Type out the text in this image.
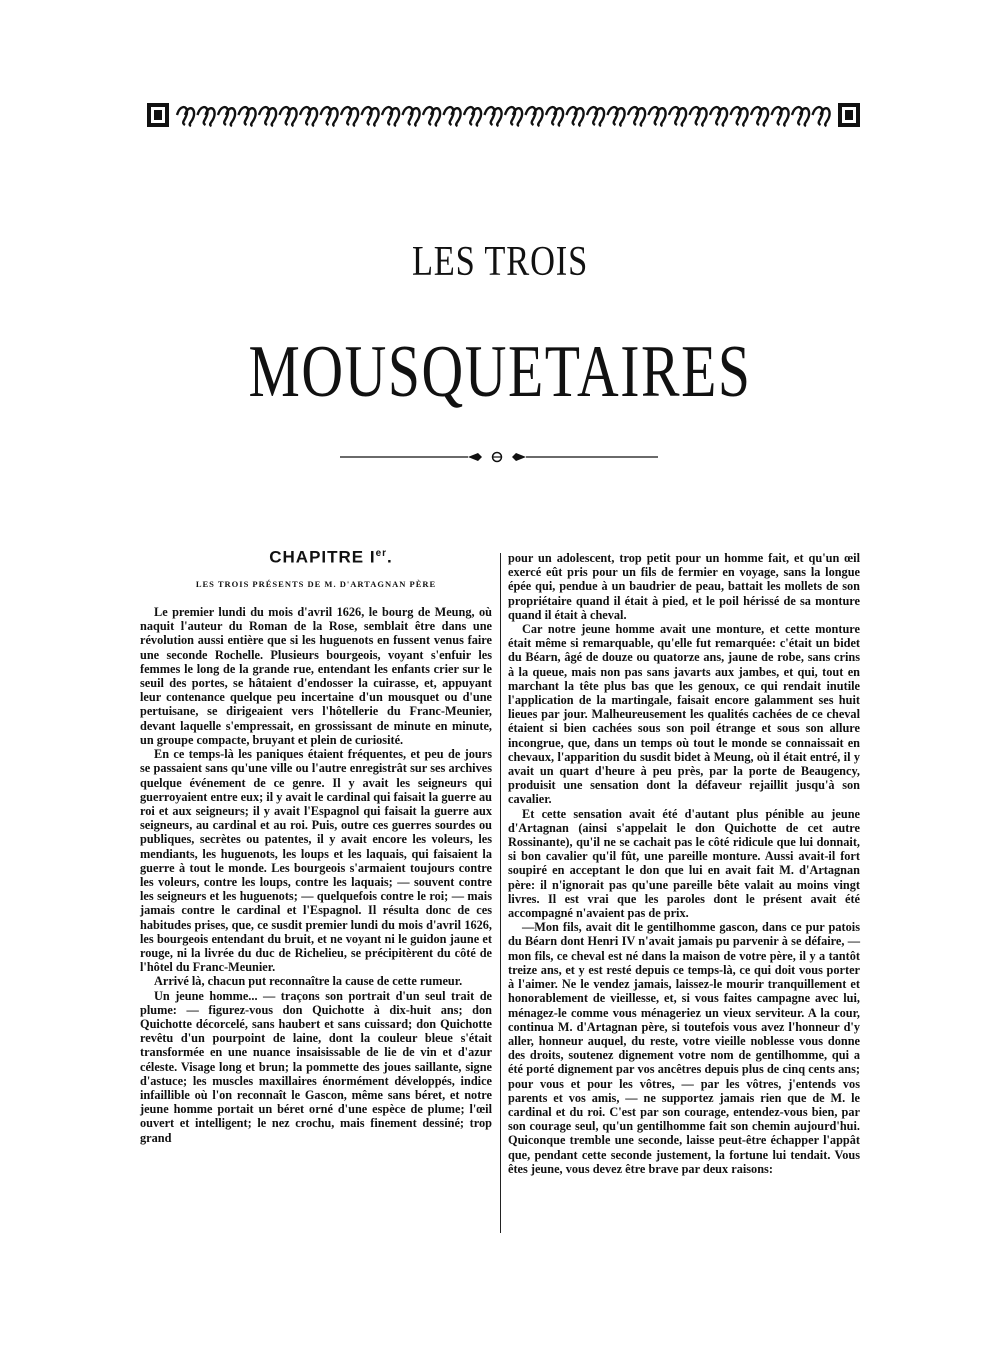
LES TROIS
MOUSQUETAIRES
CHAPITRE Ier.
LES TROIS PRÉSENTS DE M. D'ARTAGNAN PÈRE

Le premier lundi du mois d'avril 1626, le bourg de Meung, où naquit l'auteur du Roman de la Rose, semblait être dans une révolution aussi entière que si les huguenots en fussent venus faire une seconde Rochelle. Plusieurs bourgeois, voyant s'enfuir les femmes le long de la grande rue, entendant les enfants crier sur le seuil des portes, se hâtaient d'endosser la cuirasse, et, appuyant leur contenance quelque peu incertaine d'un mousquet ou d'une pertuisane, se dirigeaient vers l'hôtellerie du Franc-Meunier, devant laquelle s'empressait, en grossissant de minute en minute, un groupe compacte, bruyant et plein de curiosité.

En ce temps-là les paniques étaient fréquentes, et peu de jours se passaient sans qu'une ville ou l'autre enregistrât sur ses archives quelque événement de ce genre. Il y avait les seigneurs qui guerroyaient entre eux; il y avait le cardinal qui faisait la guerre au roi et aux seigneurs; il y avait l'Espagnol qui faisait la guerre aux seigneurs, au cardinal et au roi. Puis, outre ces guerres sourdes ou publiques, secrètes ou patentes, il y avait encore les voleurs, les mendiants, les huguenots, les loups et les laquais, qui faisaient la guerre à tout le monde. Les bourgeois s'armaient toujours contre les voleurs, contre les loups, contre les laquais; — souvent contre les seigneurs et les huguenots; — quelquefois contre le roi; — mais jamais contre le cardinal et l'Espagnol. Il résulta donc de ces habitudes prises, que, ce susdit premier lundi du mois d'avril 1626, les bourgeois entendant du bruit, et ne voyant ni le guidon jaune et rouge, ni la livrée du duc de Richelieu, se précipitèrent du côté de l'hôtel du Franc-Meunier.

Arrivé là, chacun put reconnaître la cause de cette rumeur.

Un jeune homme... — traçons son portrait d'un seul trait de plume: — figurez-vous don Quichotte à dix-huit ans; don Quichotte décorcelé, sans haubert et sans cuissard; don Quichotte revêtu d'un pourpoint de laine, dont la couleur bleue s'était transformée en une nuance insaisissable de lie de vin et d'azur céleste. Visage long et brun; la pommette des joues saillante, signe d'astuce; les muscles maxillaires énormément développés, indice infaillible où l'on reconnaît le Gascon, même sans béret, et notre jeune homme portait un béret orné d'une espèce de plume; l'œil ouvert et intelligent; le nez crochu, mais finement dessiné; trop grand

pour un adolescent, trop petit pour un homme fait, et qu'un œil exercé eût pris pour un fils de fermier en voyage, sans la longue épée qui, pendue à un baudrier de peau, battait les mollets de son propriétaire quand il était à pied, et le poil hérissé de sa monture quand il était à cheval.

Car notre jeune homme avait une monture, et cette monture était même si remarquable, qu'elle fut remarquée: c'était un bidet du Béarn, âgé de douze ou quatorze ans, jaune de robe, sans crins à la queue, mais non pas sans javarts aux jambes, et qui, tout en marchant la tête plus bas que les genoux, ce qui rendait inutile l'application de la martingale, faisait encore galamment ses huit lieues par jour. Malheureusement les qualités cachées de ce cheval étaient si bien cachées sous son poil étrange et sous son allure incongrue, que, dans un temps où tout le monde se connaissait en chevaux, l'apparition du susdit bidet à Meung, où il était entré, il y avait un quart d'heure à peu près, par la porte de Beaugency, produisit une sensation dont la défaveur rejaillit jusqu'à son cavalier.

Et cette sensation avait été d'autant plus pénible au jeune d'Artagnan (ainsi s'appelait le don Quichotte de cet autre Rossinante), qu'il ne se cachait pas le côté ridicule que lui donnait, si bon cavalier qu'il fût, une pareille monture. Aussi avait-il fort soupiré en acceptant le don que lui en avait fait M. d'Artagnan père: il n'ignorait pas qu'une pareille bête valait au moins vingt livres. Il est vrai que les paroles dont le présent avait été accompagné n'avaient pas de prix.

—Mon fils, avait dit le gentilhomme gascon, dans ce pur patois du Béarn dont Henri IV n'avait jamais pu parvenir à se défaire, — mon fils, ce cheval est né dans la maison de votre père, il y a tantôt treize ans, et y est resté depuis ce temps-là, ce qui doit vous porter à l'aimer. Ne le vendez jamais, laissez-le mourir tranquillement et honorablement de vieillesse, et, si vous faites campagne avec lui, ménagez-le comme vous ménageriez un vieux serviteur. A la cour, continua M. d'Artagnan père, si toutefois vous avez l'honneur d'y aller, honneur auquel, du reste, votre vieille noblesse vous donne des droits, soutenez dignement votre nom de gentilhomme, qui a été porté dignement par vos ancêtres depuis plus de cinq cents ans; pour vous et pour les vôtres, — par les vôtres, j'entends vos parents et vos amis, — ne supportez jamais rien que de M. le cardinal et du roi. C'est par son courage, entendez-vous bien, par son courage seul, qu'un gentilhomme fait son chemin aujourd'hui. Quiconque tremble une seconde, laisse peut-être échapper l'appât que, pendant cette seconde justement, la fortune lui tendait. Vous êtes jeune, vous devez être brave par deux raisons:
